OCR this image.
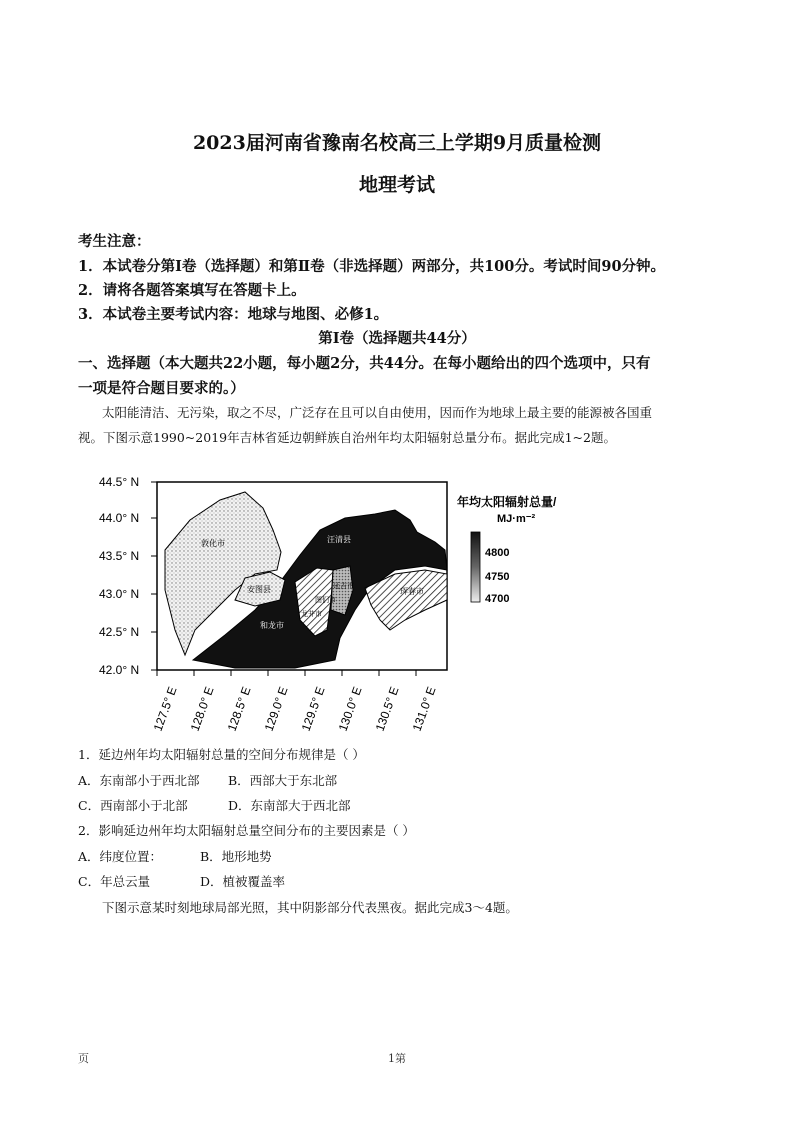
2023届河南省豫南名校高三上学期9月质量检测
地理考试
考生注意：
1．本试卷分第Ⅰ卷（选择题）和第Ⅱ卷（非选择题）两部分，共100分。考试时间90分钟。
2．请将各题答案填写在答题卡上。
3．本试卷主要考试内容：地球与地图、必修1。
第Ⅰ卷（选择题共44分）
一、选择题（本大题共22小题，每小题2分，共44分。在每小题给出的四个选项中，只有
一项是符合题目要求的。）
太阳能清洁、无污染，取之不尽，广泛存在且可以自由使用，因而作为地球上最主要的能源被各国重
视。下图示意1990~2019年吉林省延边朝鲜族自治州年均太阳辐射总量分布。据此完成1~2题。
敦化市	汪清县
安图县	延吉市
图们市
龙井市
和龙市
珲春市
44.5° N
44.0° N
43.5° N
43.0° N
42.5° N
42.0° N
127.5° E 128.0° E 128.5° E 129.0° E 129.5° E 130.0° E 130.5° E 131.0° E
年均太阳辐射总量/
MJ·m⁻²
4800
4750
4700
1．延边州年均太阳辐射总量的空间分布规律是（ ）
A．东南部小于西北部 B．西部大于东北部
C．西南部小于北部	D．东南部大于西北部
2．影响延边州年均太阳辐射总量空间分布的主要因素是（ ）
A．纬度位置：	B．地形地势
C．年总云量	D．植被覆盖率
下图示意某时刻地球局部光照，其中阴影部分代表黑夜。据此完成3～4题。
页	1第
